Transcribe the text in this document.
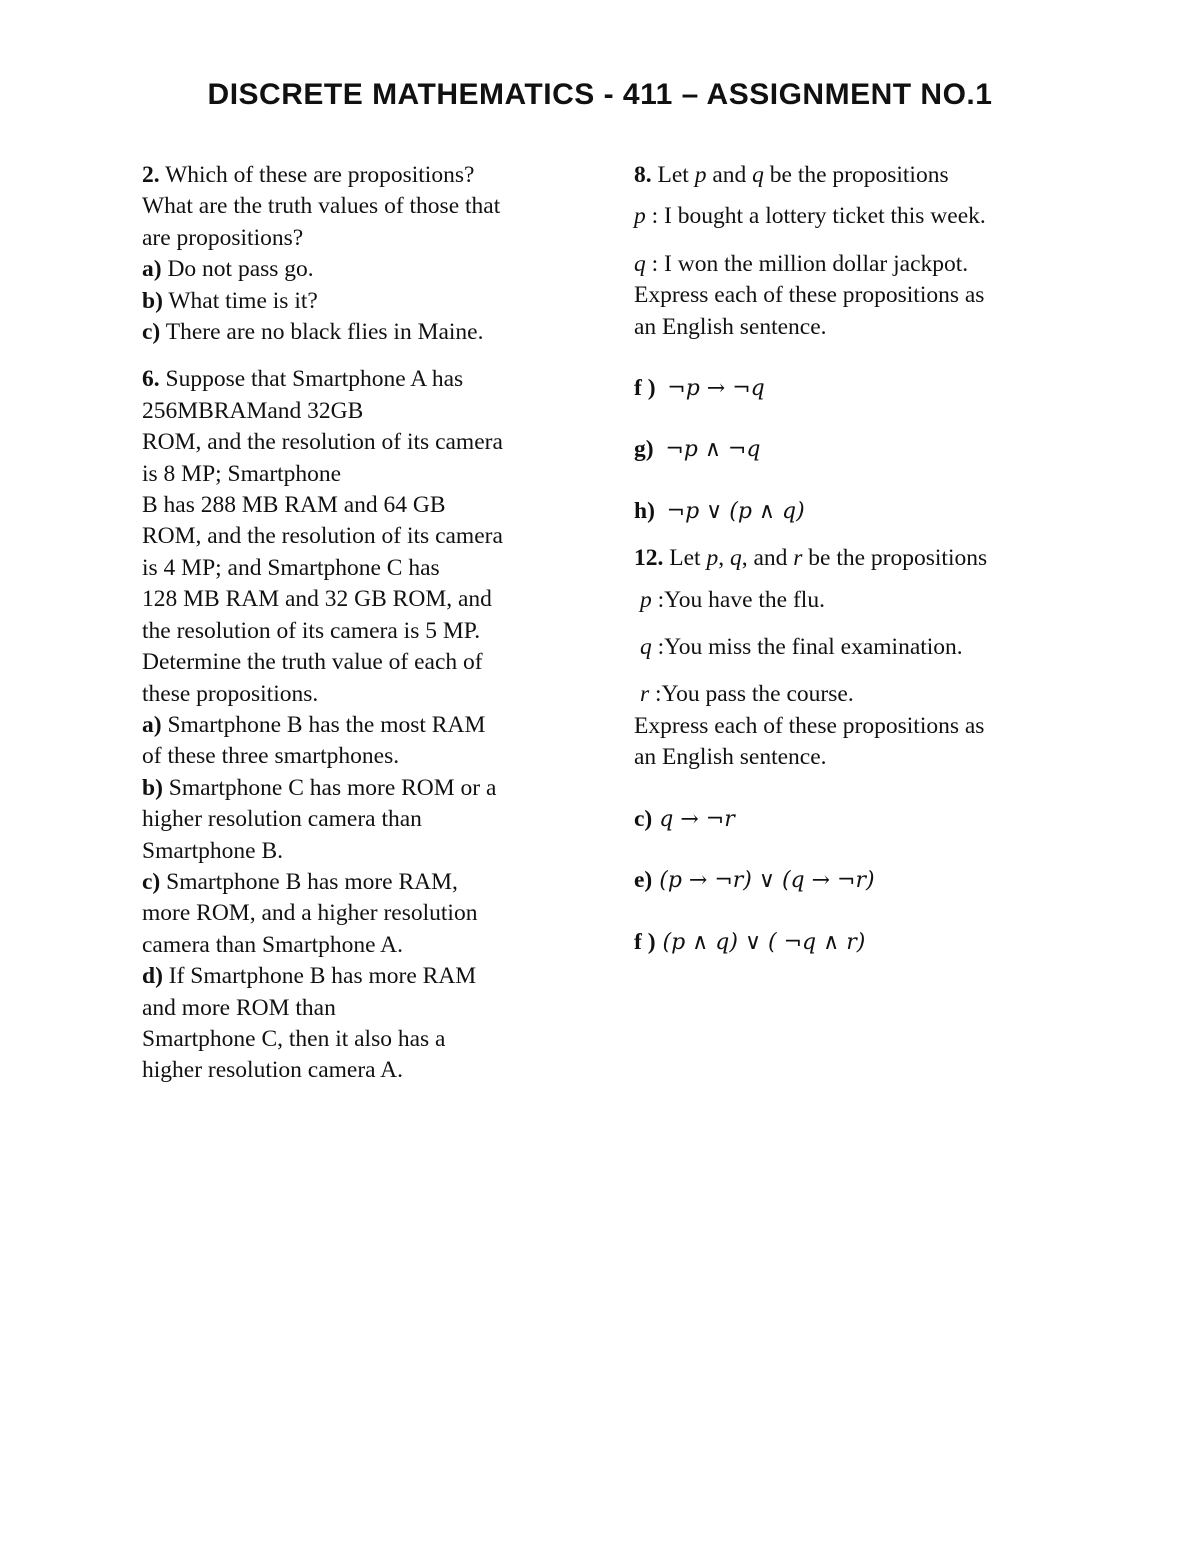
DISCRETE MATHEMATICS - 411 – ASSIGNMENT NO.1
2. Which of these are propositions?
What are the truth values of those that
are propositions?
a) Do not pass go.
b) What time is it?
c) There are no black flies in Maine.
6. Suppose that Smartphone A has
256MBRAMand 32GB
ROM, and the resolution of its camera
is 8 MP; Smartphone
B has 288 MB RAM and 64 GB
ROM, and the resolution of its camera
is 4 MP; and Smartphone C has
128 MB RAM and 32 GB ROM, and
the resolution of its camera is 5 MP.
Determine the truth value of each of
these propositions.
a) Smartphone B has the most RAM
of these three smartphones.
b) Smartphone C has more ROM or a
higher resolution camera than
Smartphone B.
c) Smartphone B has more RAM,
more ROM, and a higher resolution
camera than Smartphone A.
d) If Smartphone B has more RAM
and more ROM than
Smartphone C, then it also has a
higher resolution camera A.
8. Let p and q be the propositions
p : I bought a lottery ticket this week.
q : I won the million dollar jackpot.
Express each of these propositions as
an English sentence.
f ) ¬p → ¬q
g) ¬p ∧ ¬q
h) ¬p ∨ (p ∧ q)
12. Let p, q, and r be the propositions
p :You have the flu.
q :You miss the final examination.
r :You pass the course.
Express each of these propositions as
an English sentence.
c) q → ¬r
e) (p → ¬r) ∨ (q → ¬r)
f ) (p ∧ q) ∨ ( ¬q ∧ r)
